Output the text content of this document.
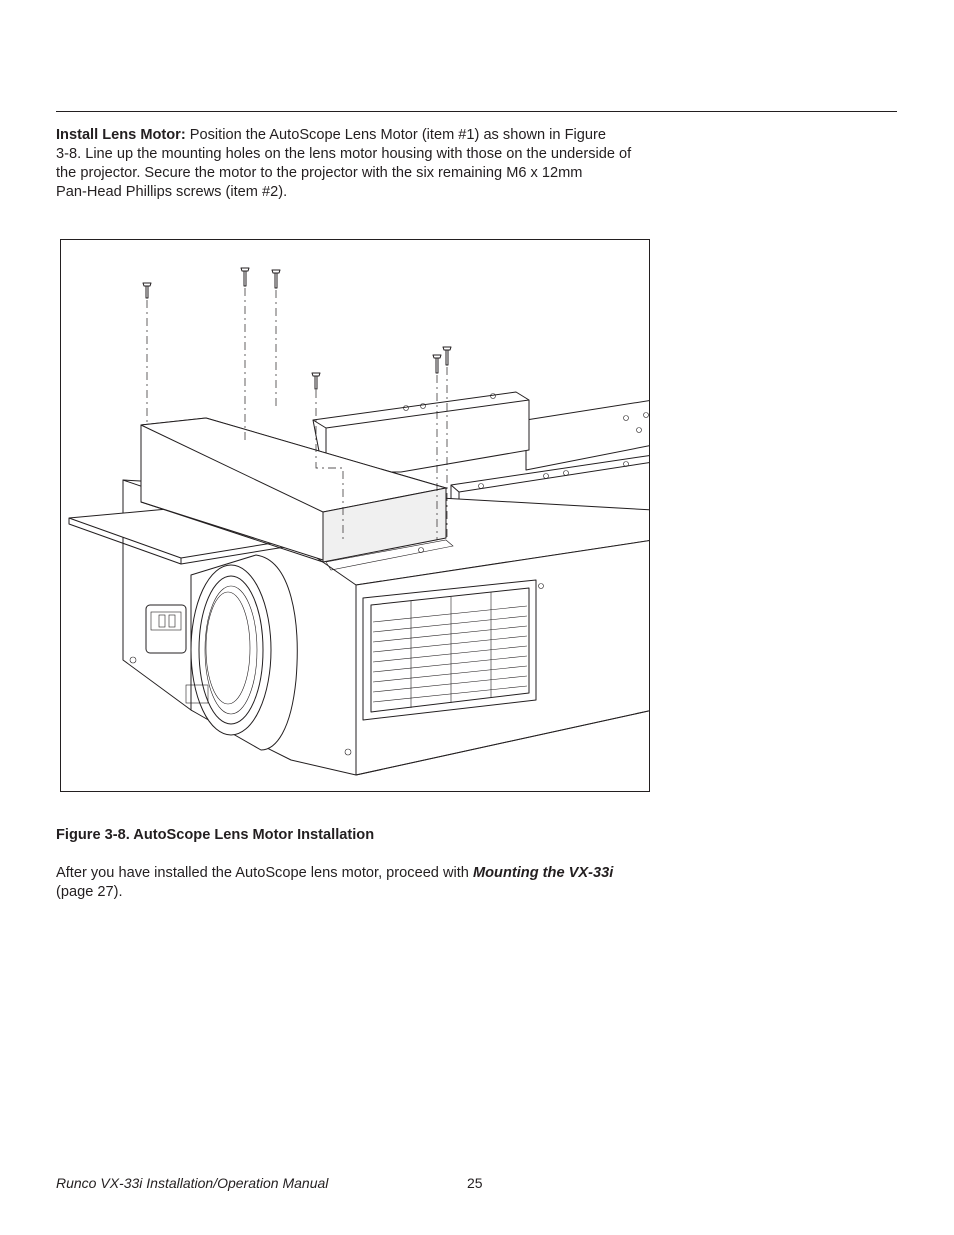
Install Lens Motor: Position the AutoScope Lens Motor (item #1) as shown in Figure
3-8. Line up the mounting holes on the lens motor housing with those on the underside of
the projector. Secure the motor to the projector with the six remaining M6 x 12mm
Pan-Head Phillips screws (item #2).

Figure 3-8. AutoScope Lens Motor Installation

After you have installed the AutoScope lens motor, proceed with Mounting the VX-33i
(page 27).

Runco VX-33i Installation/Operation Manual	25
